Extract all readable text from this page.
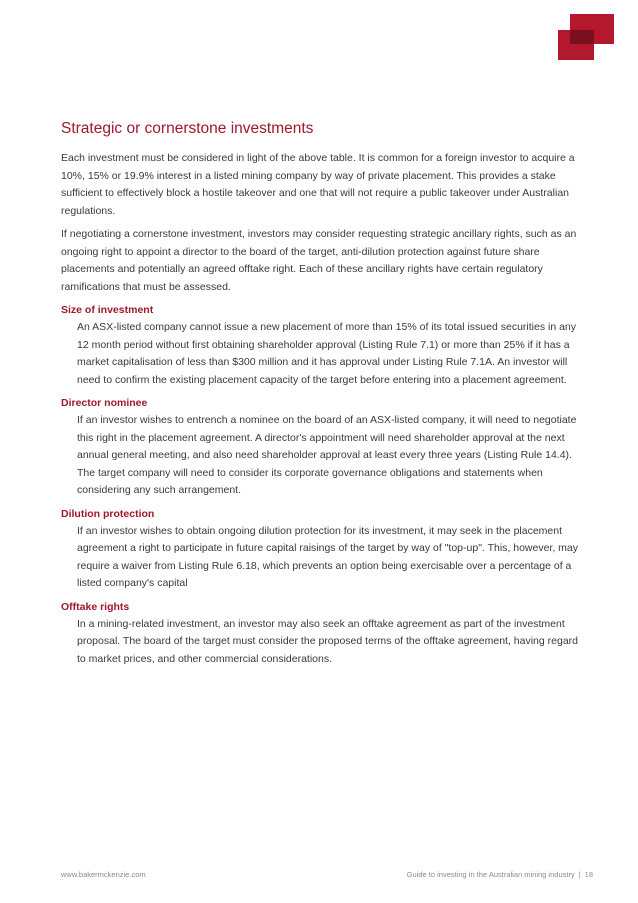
Strategic or cornerstone investments

Each investment must be considered in light of the above table. It is common for a foreign investor to acquire a 10%, 15% or 19.9% interest in a listed mining company by way of private placement. This provides a stake sufficient to effectively block a hostile takeover and one that will not require a public takeover under Australian regulations.

If negotiating a cornerstone investment, investors may consider requesting strategic ancillary rights, such as an ongoing right to appoint a director to the board of the target, anti-dilution protection against future share placements and potentially an agreed offtake right. Each of these ancillary rights have certain regulatory ramifications that must be assessed.

Size of investment

An ASX-listed company cannot issue a new placement of more than 15% of its total issued securities in any 12 month period without first obtaining shareholder approval (Listing Rule 7.1) or more than 25% if it has a market capitalisation of less than $300 million and it has approval under Listing Rule 7.1A. An investor will need to confirm the existing placement capacity of the target before entering into a placement agreement.

Director nominee

If an investor wishes to entrench a nominee on the board of an ASX-listed company, it will need to negotiate this right in the placement agreement. A director's appointment will need shareholder approval at the next annual general meeting, and also need shareholder approval at least every three years (Listing Rule 14.4). The target company will need to consider its corporate governance obligations and statements when considering any such arrangement.

Dilution protection

If an investor wishes to obtain ongoing dilution protection for its investment, it may seek in the placement agreement a right to participate in future capital raisings of the target by way of "top-up". This, however, may require a waiver from Listing Rule 6.18, which prevents an option being exercisable over a percentage of a listed company's capital

Offtake rights

In a mining-related investment, an investor may also seek an offtake agreement as part of the investment proposal. The board of the target must consider the proposed terms of the offtake agreement, having regard to market prices, and other commercial considerations.

www.bakermckenzie.com	Guide to investing in the Australian mining industry | 18
